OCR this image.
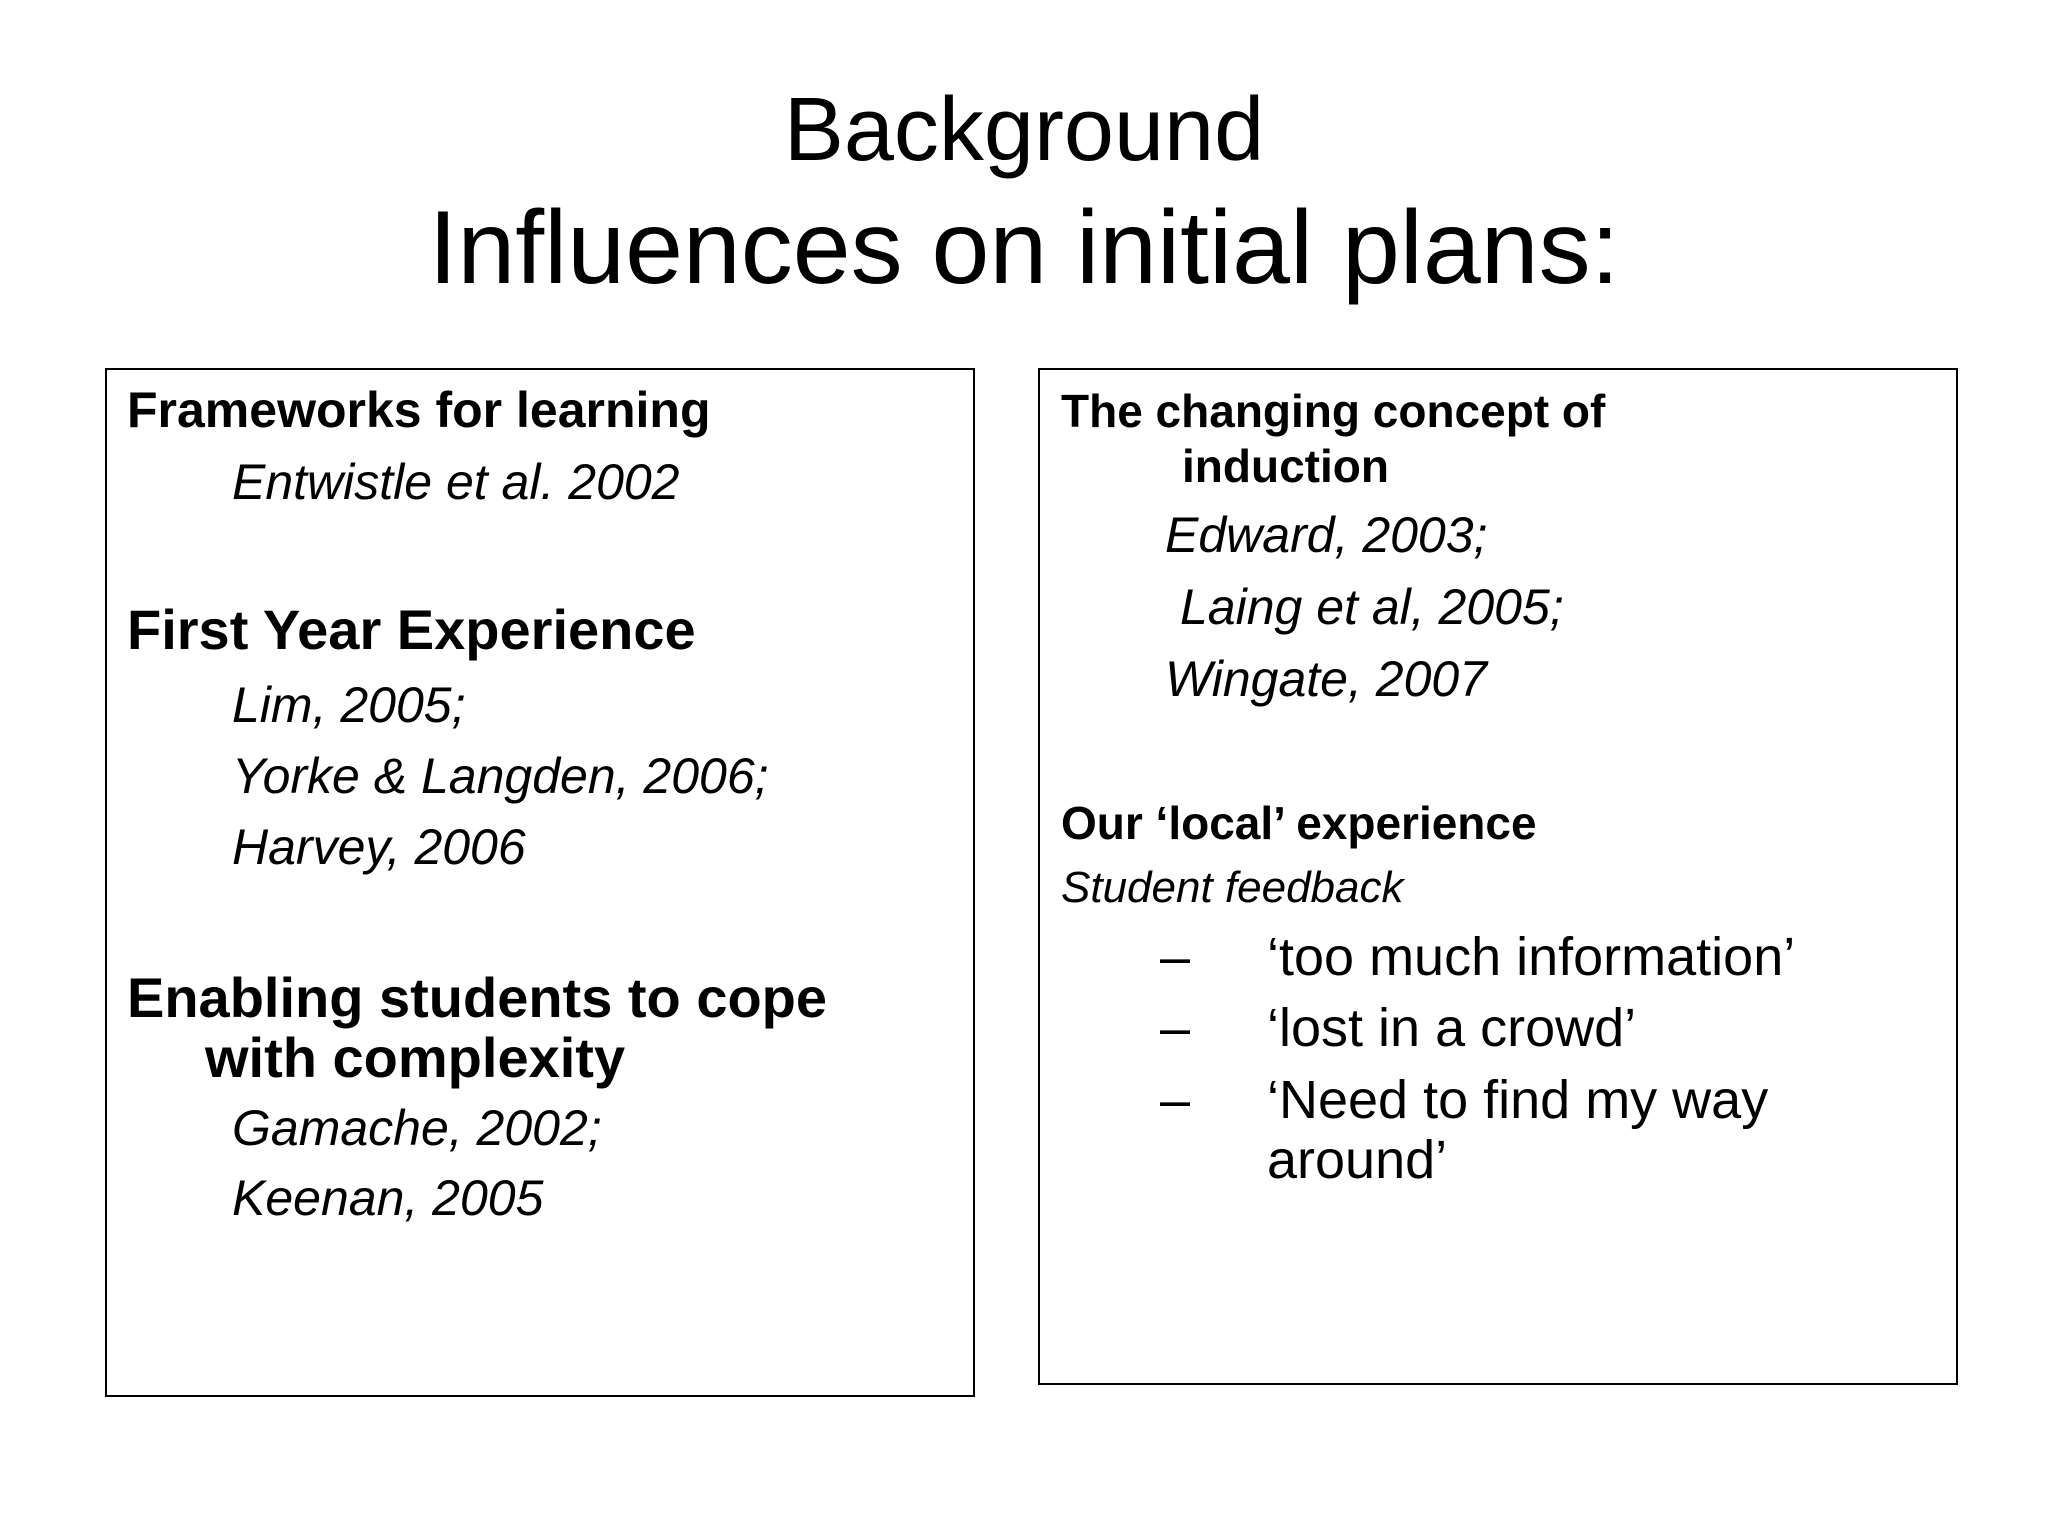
Background
Influences on initial plans:
Frameworks for learning
Entwistle et al. 2002
First Year Experience
Lim, 2005;
Yorke & Langden, 2006;
Harvey, 2006
Enabling students to cope
with complexity
Gamache, 2002;
Keenan, 2005
The changing concept of
induction
Edward, 2003;
Laing et al, 2005;
Wingate, 2007
Our ‘local’ experience
Student feedback
– ‘too much information’
– ‘lost in a crowd’
– ‘Need to find my way
around’
